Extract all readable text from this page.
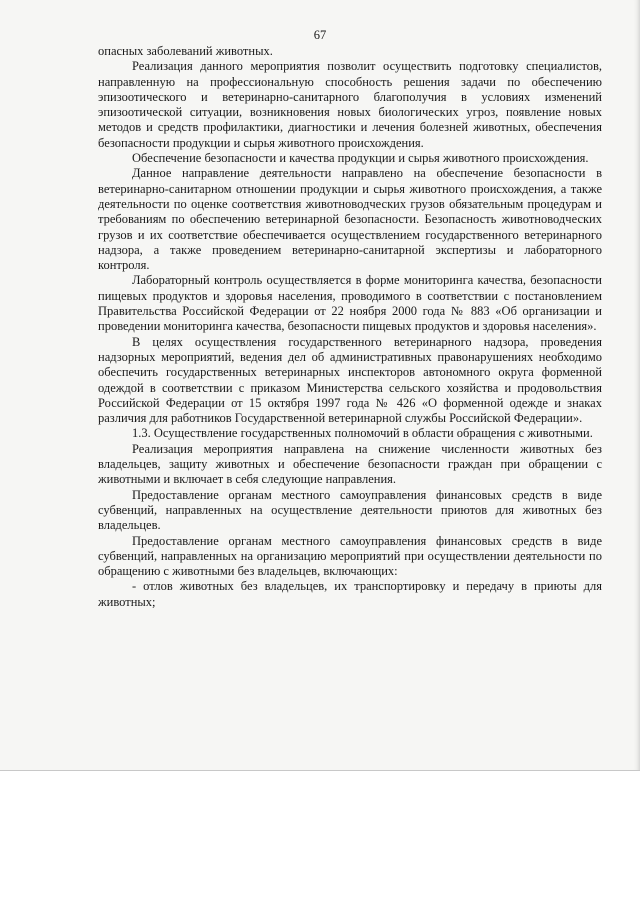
67

опасных заболеваний животных.

Реализация данного мероприятия позволит осуществить подготовку специалистов, направленную на профессиональную способность решения задачи по обеспечению эпизоотического и ветеринарно-санитарного благополучия в условиях изменений эпизоотической ситуации, возникновения новых биологических угроз, появление новых методов и средств профилактики, диагностики и лечения болезней животных, обеспечения безопасности продукции и сырья животного происхождения.

Обеспечение безопасности и качества продукции и сырья животного происхождения.

Данное направление деятельности направлено на обеспечение безопасности в ветеринарно-санитарном отношении продукции и сырья животного происхождения, а также деятельности по оценке соответствия животноводческих грузов обязательным процедурам и требованиям по обеспечению ветеринарной безопасности. Безопасность животноводческих грузов и их соответствие обеспечивается осуществлением государственного ветеринарного надзора, а также проведением ветеринарно-санитарной экспертизы и лабораторного контроля.

Лабораторный контроль осуществляется в форме мониторинга качества, безопасности пищевых продуктов и здоровья населения, проводимого в соответствии с постановлением Правительства Российской Федерации от 22 ноября 2000 года № 883 «Об организации и проведении мониторинга качества, безопасности пищевых продуктов и здоровья населения».

В целях осуществления государственного ветеринарного надзора, проведения надзорных мероприятий, ведения дел об административных правонарушениях необходимо обеспечить государственных ветеринарных инспекторов автономного округа форменной одеждой в соответствии с приказом Министерства сельского хозяйства и продовольствия Российской Федерации от 15 октября 1997 года № 426 «О форменной одежде и знаках различия для работников Государственной ветеринарной службы Российской Федерации».

1.3. Осуществление государственных полномочий в области обращения с животными.

Реализация мероприятия направлена на снижение численности животных без владельцев, защиту животных и обеспечение безопасности граждан при обращении с животными и включает в себя следующие направления.

Предоставление органам местного самоуправления финансовых средств в виде субвенций, направленных на осуществление деятельности приютов для животных без владельцев.

Предоставление органам местного самоуправления финансовых средств в виде субвенций, направленных на организацию мероприятий при осуществлении деятельности по обращению с животными без владельцев, включающих:

- отлов животных без владельцев, их транспортировку и передачу в приюты для животных;
